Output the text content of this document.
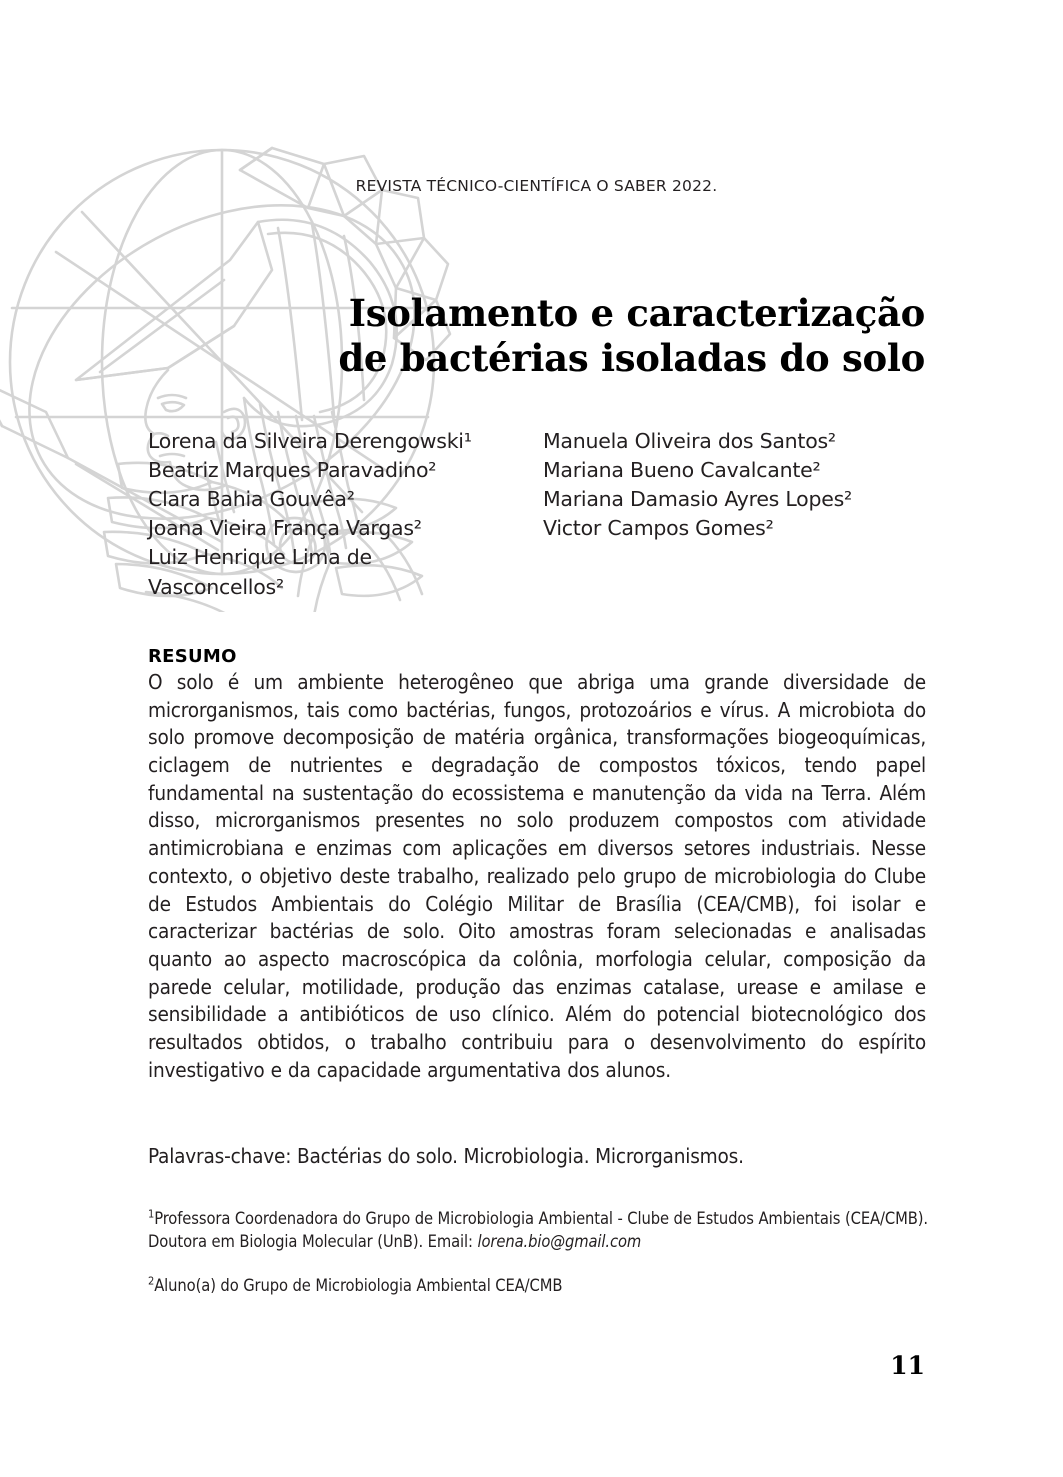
REVISTA TÉCNICO-CIENTÍFICA O SABER 2022.
Isolamento e caracterização
de bactérias isoladas do solo
Lorena da Silveira Derengowski¹
Beatriz Marques Paravadino²
Clara Bahia Gouvêa²
Joana Vieira França Vargas²
Luiz Henrique Lima de
Vasconcellos²
Manuela Oliveira dos Santos²
Mariana Bueno Cavalcante²
Mariana Damasio Ayres Lopes²
Victor Campos Gomes²
RESUMO
O solo é um ambiente heterogêneo que abriga uma grande diversidade de microrganismos, tais como bactérias, fungos, protozoários e vírus. A microbiota do solo promove decomposição de matéria orgânica, transformações biogeoquímicas, ciclagem de nutrientes e degradação de compostos tóxicos, tendo papel fundamental na sustentação do ecossistema e manutenção da vida na Terra. Além disso, microrganismos presentes no solo produzem compostos com atividade antimicrobiana e enzimas com aplicações em diversos setores industriais. Nesse contexto, o objetivo deste trabalho, realizado pelo grupo de microbiologia do Clube de Estudos Ambientais do Colégio Militar de Brasília (CEA/CMB), foi isolar e caracterizar bactérias de solo. Oito amostras foram selecionadas e analisadas quanto ao aspecto macroscópica da colônia, morfologia celular, composição da parede celular, motilidade, produção das enzimas catalase, urease e amilase e sensibilidade a antibióticos de uso clínico. Além do potencial biotecnológico dos resultados obtidos, o trabalho contribuiu para o desenvolvimento do espírito investigativo e da capacidade argumentativa dos alunos.
Palavras-chave: Bactérias do solo. Microbiologia. Microrganismos.
$^1$Professora Coordenadora do Grupo de Microbiologia Ambiental - Clube de Estudos Ambientais (CEA/CMB). Doutora em Biologia Molecular (UnB). Email: lorena.bio@gmail.com
$^2$Aluno(a) do Grupo de Microbiologia Ambiental CEA/CMB
11
